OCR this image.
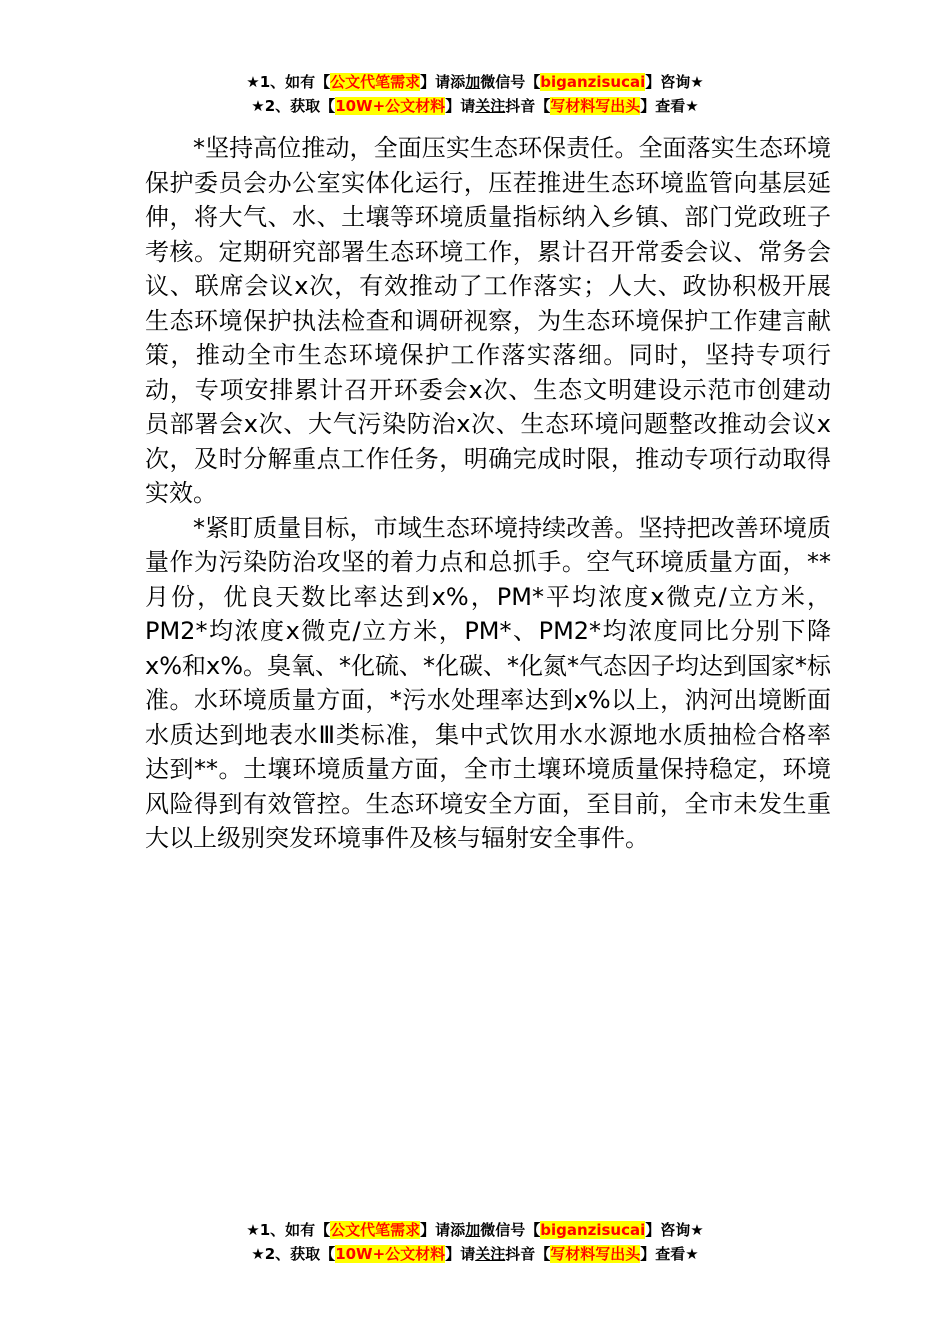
★1、如有【公文代笔需求】请添加微信号【biganzisucai】咨询★
★2、获取【10W+公文材料】请关注抖音【写材料写出头】查看★

*坚持高位推动，全面压实生态环保责任。全面落实生态环境保护委员会办公室实体化运行，压茬推进生态环境监管向基层延伸，将大气、水、土壤等环境质量指标纳入乡镇、部门党政班子考核。定期研究部署生态环境工作，累计召开常委会议、常务会议、联席会议x次，有效推动了工作落实；人大、政协积极开展生态环境保护执法检查和调研视察，为生态环境保护工作建言献策，推动全市生态环境保护工作落实落细。同时，坚持专项行动，专项安排累计召开环委会x次、生态文明建设示范市创建动员部署会x次、大气污染防治x次、生态环境问题整改推动会议x次，及时分解重点工作任务，明确完成时限，推动专项行动取得实效。

*紧盯质量目标，市域生态环境持续改善。坚持把改善环境质量作为污染防治攻坚的着力点和总抓手。空气环境质量方面，**月份，优良天数比率达到x%，PM*平均浓度x微克/立方米，PM2*均浓度x微克/立方米，PM*、PM2*均浓度同比分别下降x%和x%。臭氧、*化硫、*化碳、*化氮*气态因子均达到国家*标准。水环境质量方面，*污水处理率达到x%以上，汭河出境断面水质达到地表水Ⅲ类标准，集中式饮用水水源地水质抽检合格率达到**。土壤环境质量方面，全市土壤环境质量保持稳定，环境风险得到有效管控。生态环境安全方面，至目前，全市未发生重大以上级别突发环境事件及核与辐射安全事件。

★1、如有【公文代笔需求】请添加微信号【biganzisucai】咨询★
★2、获取【10W+公文材料】请关注抖音【写材料写出头】查看★
